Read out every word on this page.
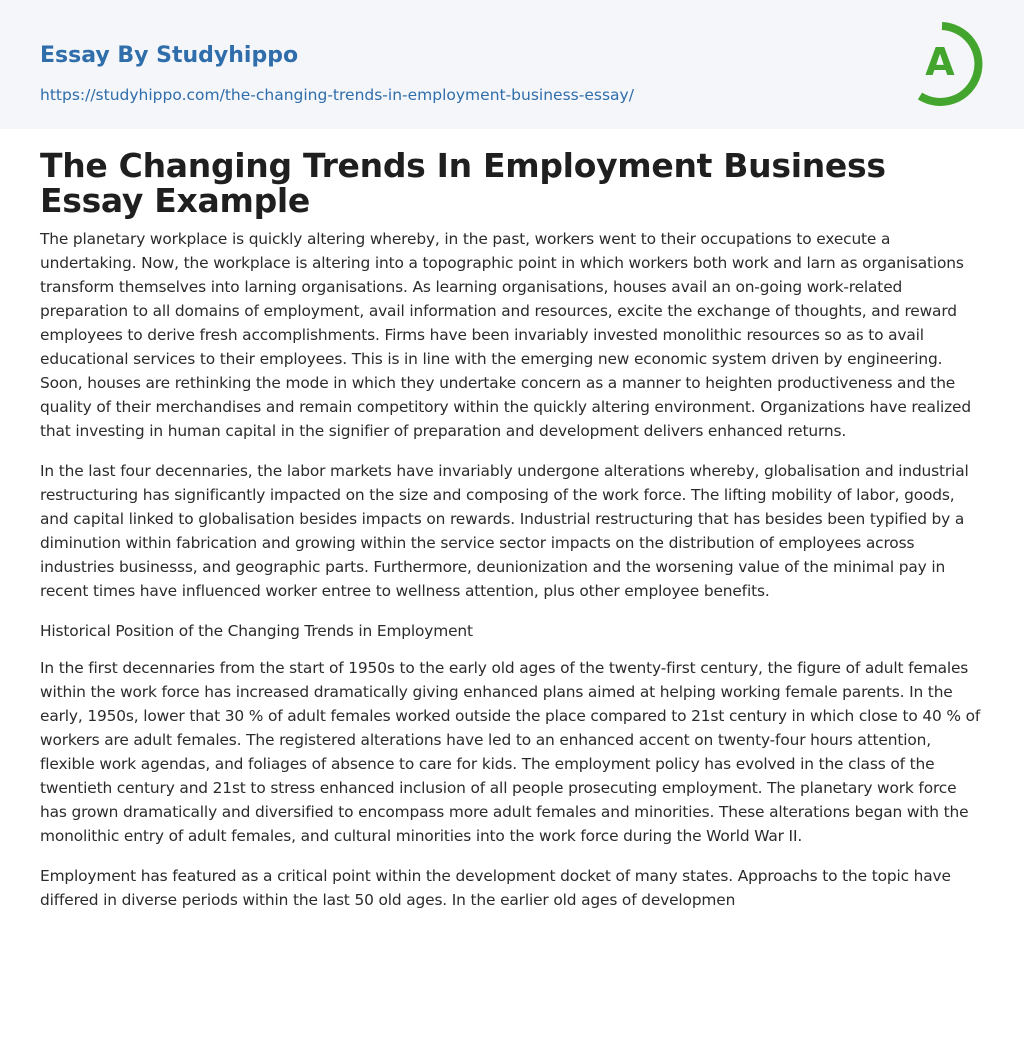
Essay By Studyhippo
https://studyhippo.com/the-changing-trends-in-employment-business-essay/
A
The Changing Trends In Employment Business Essay Example

The planetary workplace is quickly altering whereby, in the past, workers went to their occupations to execute a undertaking. Now, the workplace is altering into a topographic point in which workers both work and larn as organisations transform themselves into larning organisations. As learning organisations, houses avail an on-going work-related preparation to all domains of employment, avail information and resources, excite the exchange of thoughts, and reward employees to derive fresh accomplishments. Firms have been invariably invested monolithic resources so as to avail educational services to their employees. This is in line with the emerging new economic system driven by engineering. Soon, houses are rethinking the mode in which they undertake concern as a manner to heighten productiveness and the quality of their merchandises and remain competitory within the quickly altering environment. Organizations have realized that investing in human capital in the signifier of preparation and development delivers enhanced returns.

In the last four decennaries, the labor markets have invariably undergone alterations whereby, globalisation and industrial restructuring has significantly impacted on the size and composing of the work force. The lifting mobility of labor, goods, and capital linked to globalisation besides impacts on rewards. Industrial restructuring that has besides been typified by a diminution within fabrication and growing within the service sector impacts on the distribution of employees across industries businesss, and geographic parts. Furthermore, deunionization and the worsening value of the minimal pay in recent times have influenced worker entree to wellness attention, plus other employee benefits.

Historical Position of the Changing Trends in Employment

In the first decennaries from the start of 1950s to the early old ages of the twenty-first century, the figure of adult females within the work force has increased dramatically giving enhanced plans aimed at helping working female parents. In the early, 1950s, lower that 30 % of adult females worked outside the place compared to 21st century in which close to 40 % of workers are adult females. The registered alterations have led to an enhanced accent on twenty-four hours attention, flexible work agendas, and foliages of absence to care for kids. The employment policy has evolved in the class of the twentieth century and 21st to stress enhanced inclusion of all people prosecuting employment. The planetary work force has grown dramatically and diversified to encompass more adult females and minorities. These alterations began with the monolithic entry of adult females, and cultural minorities into the work force during the World War II.

Employment has featured as a critical point within the development docket of many states. Approachs to the topic have differed in diverse periods within the last 50 old ages. In the earlier old ages of developmen
